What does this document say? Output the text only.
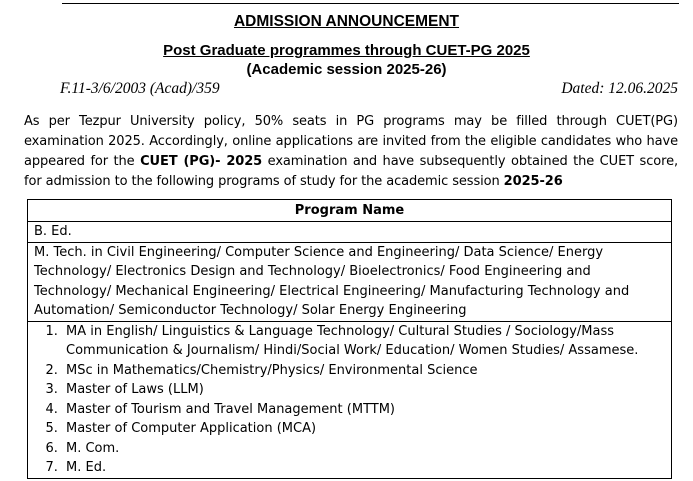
ADMISSION ANNOUNCEMENT
Post Graduate programmes through CUET-PG 2025
(Academic session 2025-26)
F.11-3/6/2003 (Acad)/359	Dated: 12.06.2025
As per Tezpur University policy, 50% seats in PG programs may be filled through CUET(PG) examination 2025. Accordingly, online applications are invited from the eligible candidates who have appeared for the CUET (PG)- 2025 examination and have subsequently obtained the CUET score, for admission to the following programs of study for the academic session 2025-26
Program Name
B. Ed.
M. Tech. in Civil Engineering/ Computer Science and Engineering/ Data Science/ Energy Technology/ Electronics Design and Technology/ Bioelectronics/ Food Engineering and Technology/ Mechanical Engineering/ Electrical Engineering/ Manufacturing Technology and Automation/ Semiconductor Technology/ Solar Energy Engineering
1. MA in English/ Linguistics & Language Technology/ Cultural Studies / Sociology/Mass Communication & Journalism/ Hindi/Social Work/ Education/ Women Studies/ Assamese.
2. MSc in Mathematics/Chemistry/Physics/ Environmental Science
3. Master of Laws (LLM)
4. Master of Tourism and Travel Management (MTTM)
5. Master of Computer Application (MCA)
6. M. Com.
7. M. Ed.
